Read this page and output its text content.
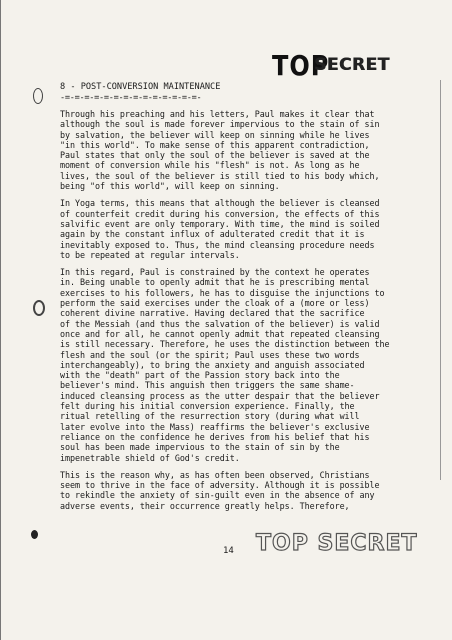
TOP
SECRET
8 - POST-CONVERSION MAINTENANCE
-=-=-=-=-=-=-=-=-=-=-=-=-=-=-

Through his preaching and his letters, Paul makes it clear that
although the soul is made forever impervious to the stain of sin
by salvation, the believer will keep on sinning while he lives
"in this world". To make sense of this apparent contradiction,
Paul states that only the soul of the believer is saved at the
moment of conversion while his "flesh" is not. As long as he
lives, the soul of the believer is still tied to his body which,
being "of this world", will keep on sinning.

In Yoga terms, this means that although the believer is cleansed
of counterfeit credit during his conversion, the effects of this
salvific event are only temporary. With time, the mind is soiled
again by the constant influx of adulterated credit that it is
inevitably exposed to. Thus, the mind cleansing procedure needs
to be repeated at regular intervals.

In this regard, Paul is constrained by the context he operates
in. Being unable to openly admit that he is prescribing mental
exercises to his followers, he has to disguise the injunctions to
perform the said exercises under the cloak of a (more or less)
coherent divine narrative. Having declared that the sacrifice
of the Messiah (and thus the salvation of the believer) is valid
once and for all, he cannot openly admit that repeated cleansing
is still necessary. Therefore, he uses the distinction between the
flesh and the soul (or the spirit; Paul uses these two words
interchangeably), to bring the anxiety and anguish associated
with the "death" part of the Passion story back into the
believer's mind. This anguish then triggers the same shame-
induced cleansing process as the utter despair that the believer
felt during his initial conversion experience. Finally, the
ritual retelling of the resurrection story (during what will
later evolve into the Mass) reaffirms the believer's exclusive
reliance on the confidence he derives from his belief that his
soul has been made impervious to the stain of sin by the
impenetrable shield of God's credit.

This is the reason why, as has often been observed, Christians
seem to thrive in the face of adversity. Although it is possible
to rekindle the anxiety of sin-guilt even in the absence of any
adverse events, their occurrence greatly helps. Therefore,

14 TOP SECRET
